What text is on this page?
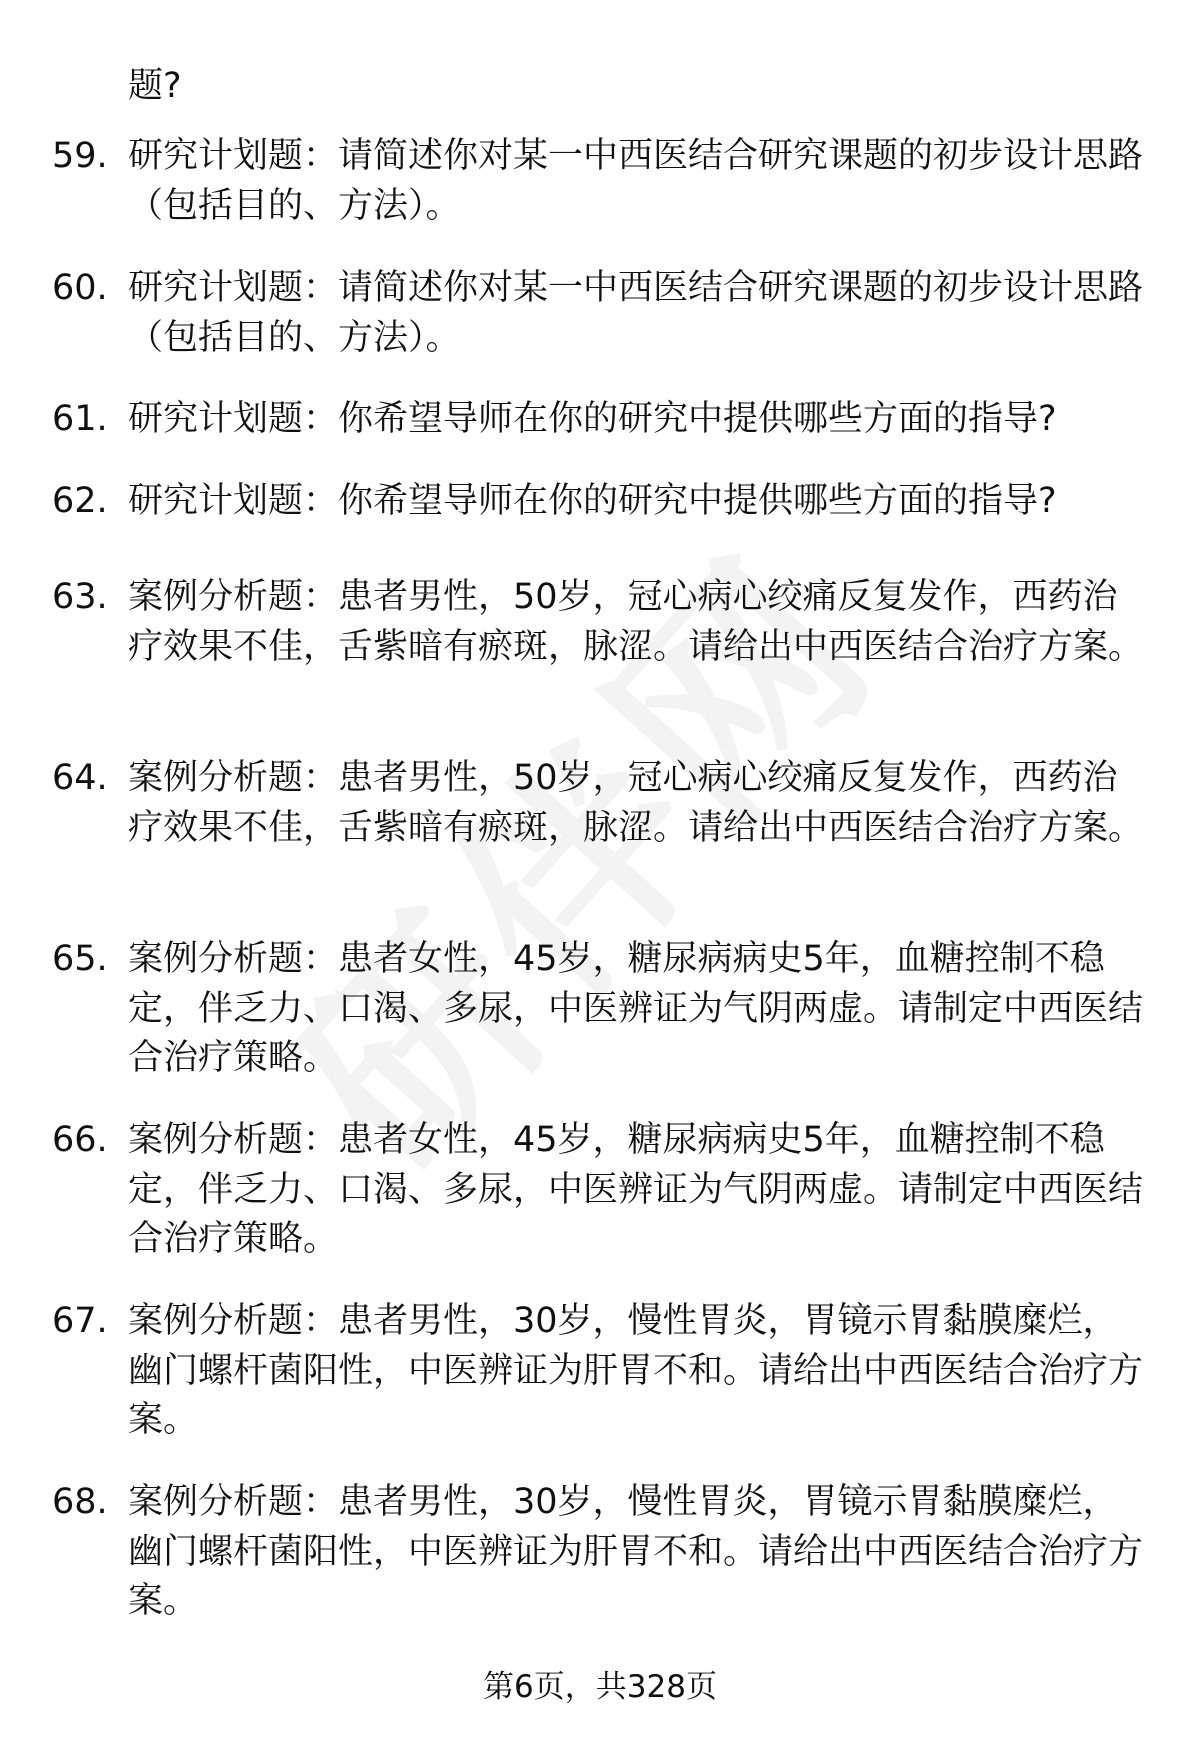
题?
59. 研究计划题：请简述你对某一中西医结合研究课题的初步设计思路（包括目的、方法）。
60. 研究计划题：请简述你对某一中西医结合研究课题的初步设计思路（包括目的、方法）。
61. 研究计划题：你希望导师在你的研究中提供哪些方面的指导?
62. 研究计划题：你希望导师在你的研究中提供哪些方面的指导?
63. 案例分析题：患者男性，50岁，冠心病心绞痛反复发作，西药治疗效果不佳，舌紫暗有瘀斑，脉涩。请给出中西医结合治疗方案。
64. 案例分析题：患者男性，50岁，冠心病心绞痛反复发作，西药治疗效果不佳，舌紫暗有瘀斑，脉涩。请给出中西医结合治疗方案。
65. 案例分析题：患者女性，45岁，糖尿病病史5年，血糖控制不稳定，伴乏力、口渴、多尿，中医辨证为气阴两虚。请制定中西医结合治疗策略。
66. 案例分析题：患者女性，45岁，糖尿病病史5年，血糖控制不稳定，伴乏力、口渴、多尿，中医辨证为气阴两虚。请制定中西医结合治疗策略。
67. 案例分析题：患者男性，30岁，慢性胃炎，胃镜示胃黏膜糜烂，幽门螺杆菌阳性，中医辨证为肝胃不和。请给出中西医结合治疗方案。
68. 案例分析题：患者男性，30岁，慢性胃炎，胃镜示胃黏膜糜烂，幽门螺杆菌阳性，中医辨证为肝胃不和。请给出中西医结合治疗方案。
第6页，共328页
